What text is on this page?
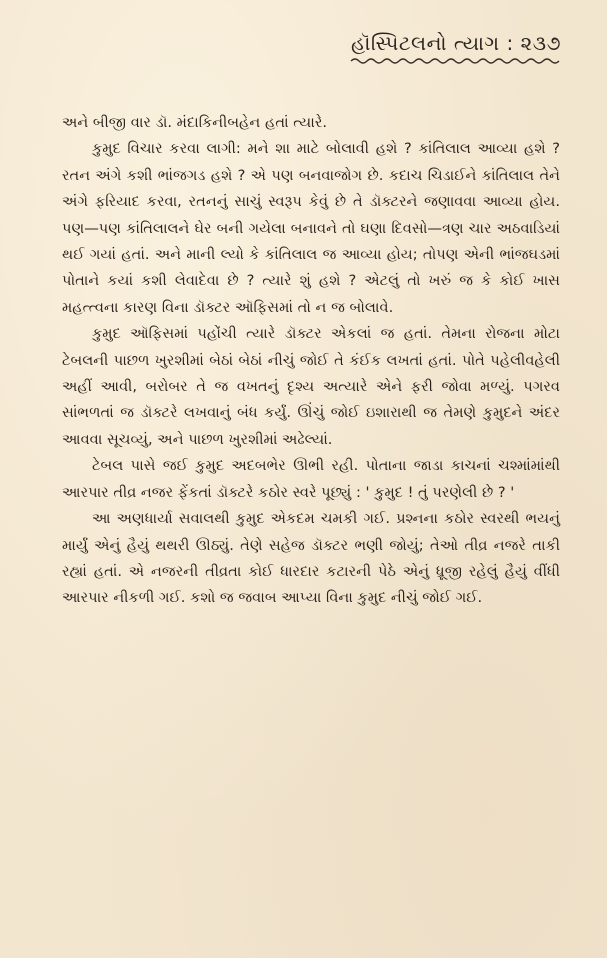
હૉસ્પિટલનો ત્યાગ : ૨૩૭

અને બીજી વાર ડૉ. મંદાકિનીબહેન હતાં ત્યારે.

કુમુદ વિચાર કરવા લાગી: મને શા માટે બોલાવી હશે ? કાંતિલાલ આવ્યા હશે ? રતન અંગે કશી ભાંજગડ હશે ? એ પણ બનવાજોગ છે. કદાચ ચિડાઈને કાંતિલાલ તેને અંગે ફરિયાદ કરવા, રતનનું સાચું સ્વરૂપ કેવું છે તે ડૉક્ટરને જણાવવા આવ્યા હોય. પણ—પણ કાંતિલાલને ઘેર બની ગયેલા બનાવને તો ઘણા દિવસો—ત્રણ ચાર અઠવાડિયાં થઈ ગયાં હતાં. અને માની લ્યો કે કાંતિલાલ જ આવ્યા હોય; તોપણ એની ભાંજઘડમાં પોતાને કયાં કશી લેવાદેવા છે ? ત્યારે શું હશે ? એટલું તો ખરું જ કે કોઈ ખાસ મહત્ત્વના કારણ વિના ડૉક્ટર ઑફિસમાં તો ન જ બોલાવે.

કુમુદ ઑફિસમાં પહોંચી ત્યારે ડૉક્ટર એકલાં જ હતાં. તેમના રોજના મોટા ટેબલની પાછળ ખુરશીમાં બેઠાં બેઠાં નીચું જોઈ તે કંઈક લખતાં હતાં. પોતે પહેલીવહેલી અહીં આવી, બરોબર તે જ વખતનું દૃશ્ય અત્યારે એને ફરી જોવા મળ્યું. પગરવ સાંભળતાં જ ડૉક્ટરે લખવાનું બંધ કર્યું. ઊંચું જોઈ ઇશારાથી જ તેમણે કુમુદને અંદર આવવા સૂચવ્યું, અને પાછળ ખુરશીમાં અઢેલ્યાં.

ટેબલ પાસે જઈ કુમુદ અદબભેર ઊભી રહી. પોતાના જાડા કાચનાં ચશ્માંમાંથી આરપાર તીવ્ર નજર ફેંકતાં ડૉક્ટરે કઠોર સ્વરે પૂછ્યું : ' કુમુદ ! તું પરણેલી છે ? '

આ અણધાર્યા સવાલથી કુમુદ એકદમ ચમકી ગઈ. પ્રશ્નના કઠોર સ્વરથી ભયનું માર્યું એનું હૈયું થથરી ઊઠ્યું. તેણે સહેજ ડૉક્ટર ભણી જોયું; તેઓ તીવ્ર નજરે તાકી રહ્યાં હતાં. એ નજરની તીવ્રતા કોઈ ધારદાર કટારની પેઠે એનું ધ્રૂજી રહેલું હૈયું વીંધી આરપાર નીકળી ગઈ. કશો જ જવાબ આપ્યા વિના કુમુદ નીચું જોઈ ગઈ.
